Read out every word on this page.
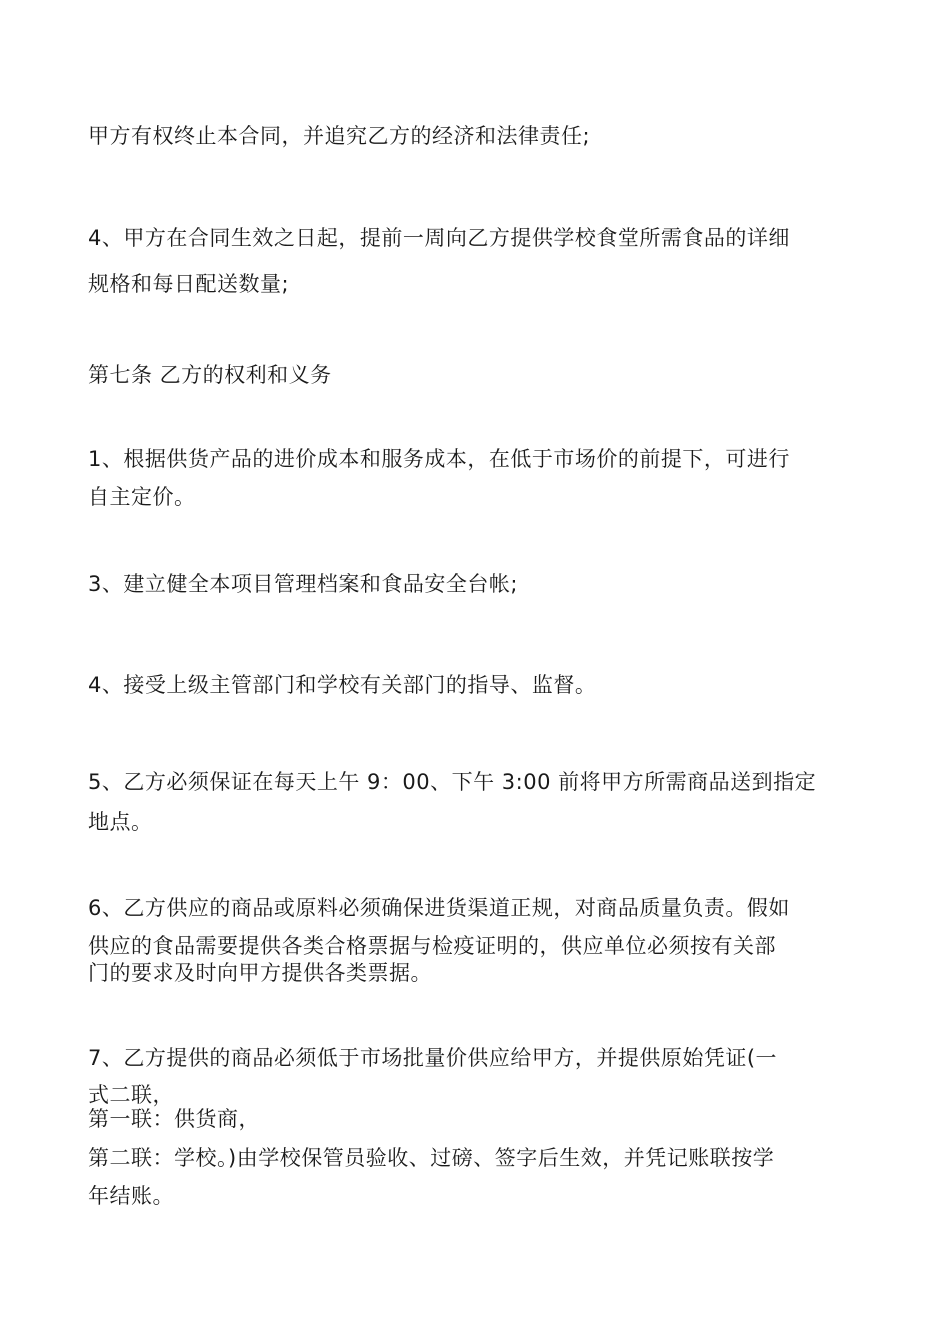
甲方有权终止本合同，并追究乙方的经济和法律责任;

4、甲方在合同生效之日起，提前一周向乙方提供学校食堂所需食品的详细

规格和每日配送数量;

第七条 乙方的权利和义务

1、根据供货产品的进价成本和服务成本，在低于市场价的前提下，可进行

自主定价。

3、建立健全本项目管理档案和食品安全台帐;

4、接受上级主管部门和学校有关部门的指导、监督。

5、乙方必须保证在每天上午 9：00、下午 3:00 前将甲方所需商品送到指定

地点。

6、乙方供应的商品或原料必须确保进货渠道正规，对商品质量负责。假如

供应的食品需要提供各类合格票据与检疫证明的，供应单位必须按有关部

门的要求及时向甲方提供各类票据。

7、乙方提供的商品必须低于市场批量价供应给甲方，并提供原始凭证(一

式二联，

第一联：供货商，

第二联：学校。)由学校保管员验收、过磅、签字后生效，并凭记账联按学

年结账。
